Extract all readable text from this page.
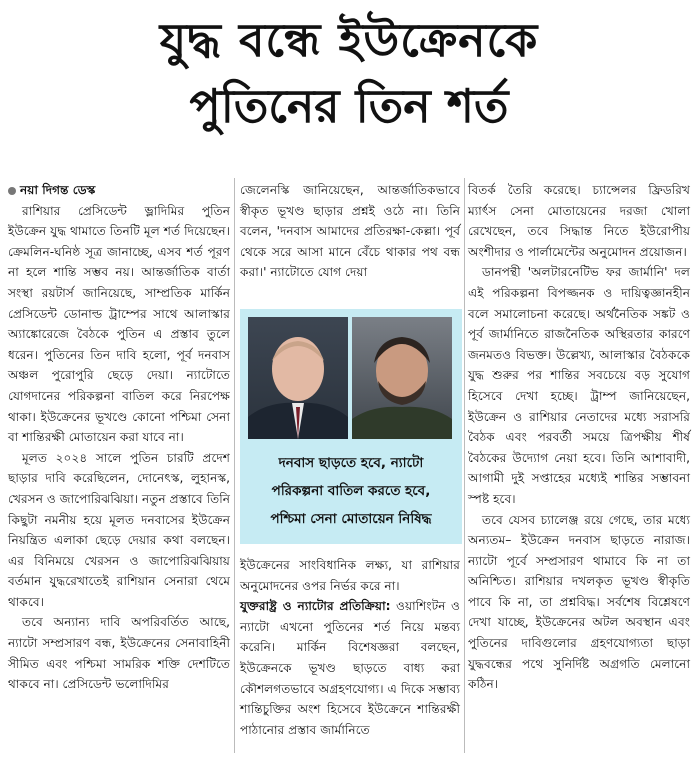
যুদ্ধ বন্ধে ইউক্রেনকে
পুতিনের তিন শর্ত
নয়া দিগন্ত ডেস্ক

রাশিয়ার প্রেসিডেন্ট ভ্লাদিমির পুতিন ইউক্রেন যুদ্ধ থামাতে তিনটি মূল শর্ত দিয়েছেন। ক্রেমলিন-ঘনিষ্ঠ সূত্র জানাচ্ছে, এসব শর্ত পূরণ না হলে শান্তি সম্ভব নয়। আন্তর্জাতিক বার্তা সংস্থা রয়টার্স জানিয়েছে, সাম্প্রতিক মার্কিন প্রেসিডেন্ট ডোনাল্ড ট্রাম্পের সাথে আলাস্কার অ্যাঙ্কোরেজে বৈঠকে পুতিন এ প্রস্তাব তুলে ধরেন। পুতিনের তিন দাবি হলো, পূর্ব দনবাস অঞ্চল পুরোপুরি ছেড়ে দেয়া। ন্যাটোতে যোগদানের পরিকল্পনা বাতিল করে নিরপেক্ষ থাকা। ইউক্রেনের ভূখণ্ডে কোনো পশ্চিমা সেনা বা শান্তিরক্ষী মোতায়েন করা যাবে না।

মূলত ২০২৪ সালে পুতিন চারটি প্রদেশ ছাড়ার দাবি করেছিলেন, দোনেৎস্ক, লুহানস্ক, খেরসন ও জাপোরিঝঝিয়া। নতুন প্রস্তাবে তিনি কিছুটা নমনীয় হয়ে মূলত দনবাসের ইউক্রেন নিয়ন্ত্রিত এলাকা ছেড়ে দেয়ার কথা বলছেন। এর বিনিময়ে খেরসন ও জাপোরিঝঝিয়ায় বর্তমান যুদ্ধরেখাতেই রাশিয়ান সেনারা থেমে থাকবে।

তবে অন্যান্য দাবি অপরিবর্তিত আছে, ন্যাটো সম্প্রসারণ বন্ধ, ইউক্রেনের সেনাবাহিনী সীমিত এবং পশ্চিমা সামরিক শক্তি দেশটিতে থাকবে না। প্রেসিডেন্ট ভলোদিমির

জেলেনস্কি জানিয়েছেন, আন্তর্জাতিকভাবে স্বীকৃত ভূখণ্ড ছাড়ার প্রশ্নই ওঠে না। তিনি বলেন, 'দনবাস আমাদের প্রতিরক্ষা-কেল্লা। পূর্ব থেকে সরে আসা মানে বেঁচে থাকার পথ বন্ধ করা।' ন্যাটোতে যোগ দেয়া

দনবাস ছাড়তে হবে, ন্যাটো
পরিকল্পনা বাতিল করতে হবে,
পশ্চিমা সেনা মোতায়েন নিষিদ্ধ

ইউক্রেনের সাংবিধানিক লক্ষ্য, যা রাশিয়ার অনুমোদনের ওপর নির্ভর করে না।

যুক্তরাষ্ট্র ও ন্যাটোর প্রতিক্রিয়া: ওয়াশিংটন ও ন্যাটো এখনো পুতিনের শর্ত নিয়ে মন্তব্য করেনি। মার্কিন বিশেষজ্ঞরা বলছেন, ইউক্রেনকে ভূখণ্ড ছাড়তে বাধ্য করা কৌশলগতভাবে অগ্রহণযোগ্য। এ দিকে সম্ভাব্য শান্তিচুক্তির অংশ হিসেবে ইউক্রেনে শান্তিরক্ষী পাঠানোর প্রস্তাব জার্মানিতে

বিতর্ক তৈরি করেছে। চ্যান্সেলর ফ্রিডরিখ ম্যার্ৎস সেনা মোতায়েনের দরজা খোলা রেখেছেন, তবে সিদ্ধান্ত নিতে ইউরোপীয় অংশীদার ও পার্লামেন্টের অনুমোদন প্রয়োজন।

ডানপন্থী 'অলটারনেটিভ ফর জার্মানি' দল এই পরিকল্পনা বিপজ্জনক ও দায়িত্বজ্ঞানহীন বলে সমালোচনা করেছে। অর্থনৈতিক সঙ্কট ও পূর্ব জার্মানিতে রাজনৈতিক অস্থিরতার কারণে জনমতও বিভক্ত। উল্লেখ্য, আলাস্কার বৈঠককে যুদ্ধ শুরুর পর শান্তির সবচেয়ে বড় সুযোগ হিসেবে দেখা হচ্ছে। ট্রাম্প জানিয়েছেন, ইউক্রেন ও রাশিয়ার নেতাদের মধ্যে সরাসরি বৈঠক এবং পরবর্তী সময়ে ত্রিপক্ষীয় শীর্ষ বৈঠকের উদ্যোগ নেয়া হবে। তিনি আশাবাদী, আগামী দুই সপ্তাহের মধ্যেই শান্তির সম্ভাবনা স্পষ্ট হবে।

তবে যেসব চ্যালেঞ্জ রয়ে গেছে, তার মধ্যে অন্যতম– ইউক্রেন দনবাস ছাড়তে নারাজ। ন্যাটো পূর্বে সম্প্রসারণ থামাবে কি না তা অনিশ্চিত। রাশিয়ার দখলকৃত ভূখণ্ড স্বীকৃতি পাবে কি না, তা প্রশ্নবিদ্ধ। সর্বশেষ বিশ্লেষণে দেখা যাচ্ছে, ইউক্রেনের অটল অবস্থান এবং পুতিনের দাবিগুলোর গ্রহণযোগ্যতা ছাড়া যুদ্ধবন্ধের পথে সুনির্দিষ্ট অগ্রগতি মেলানো কঠিন।
